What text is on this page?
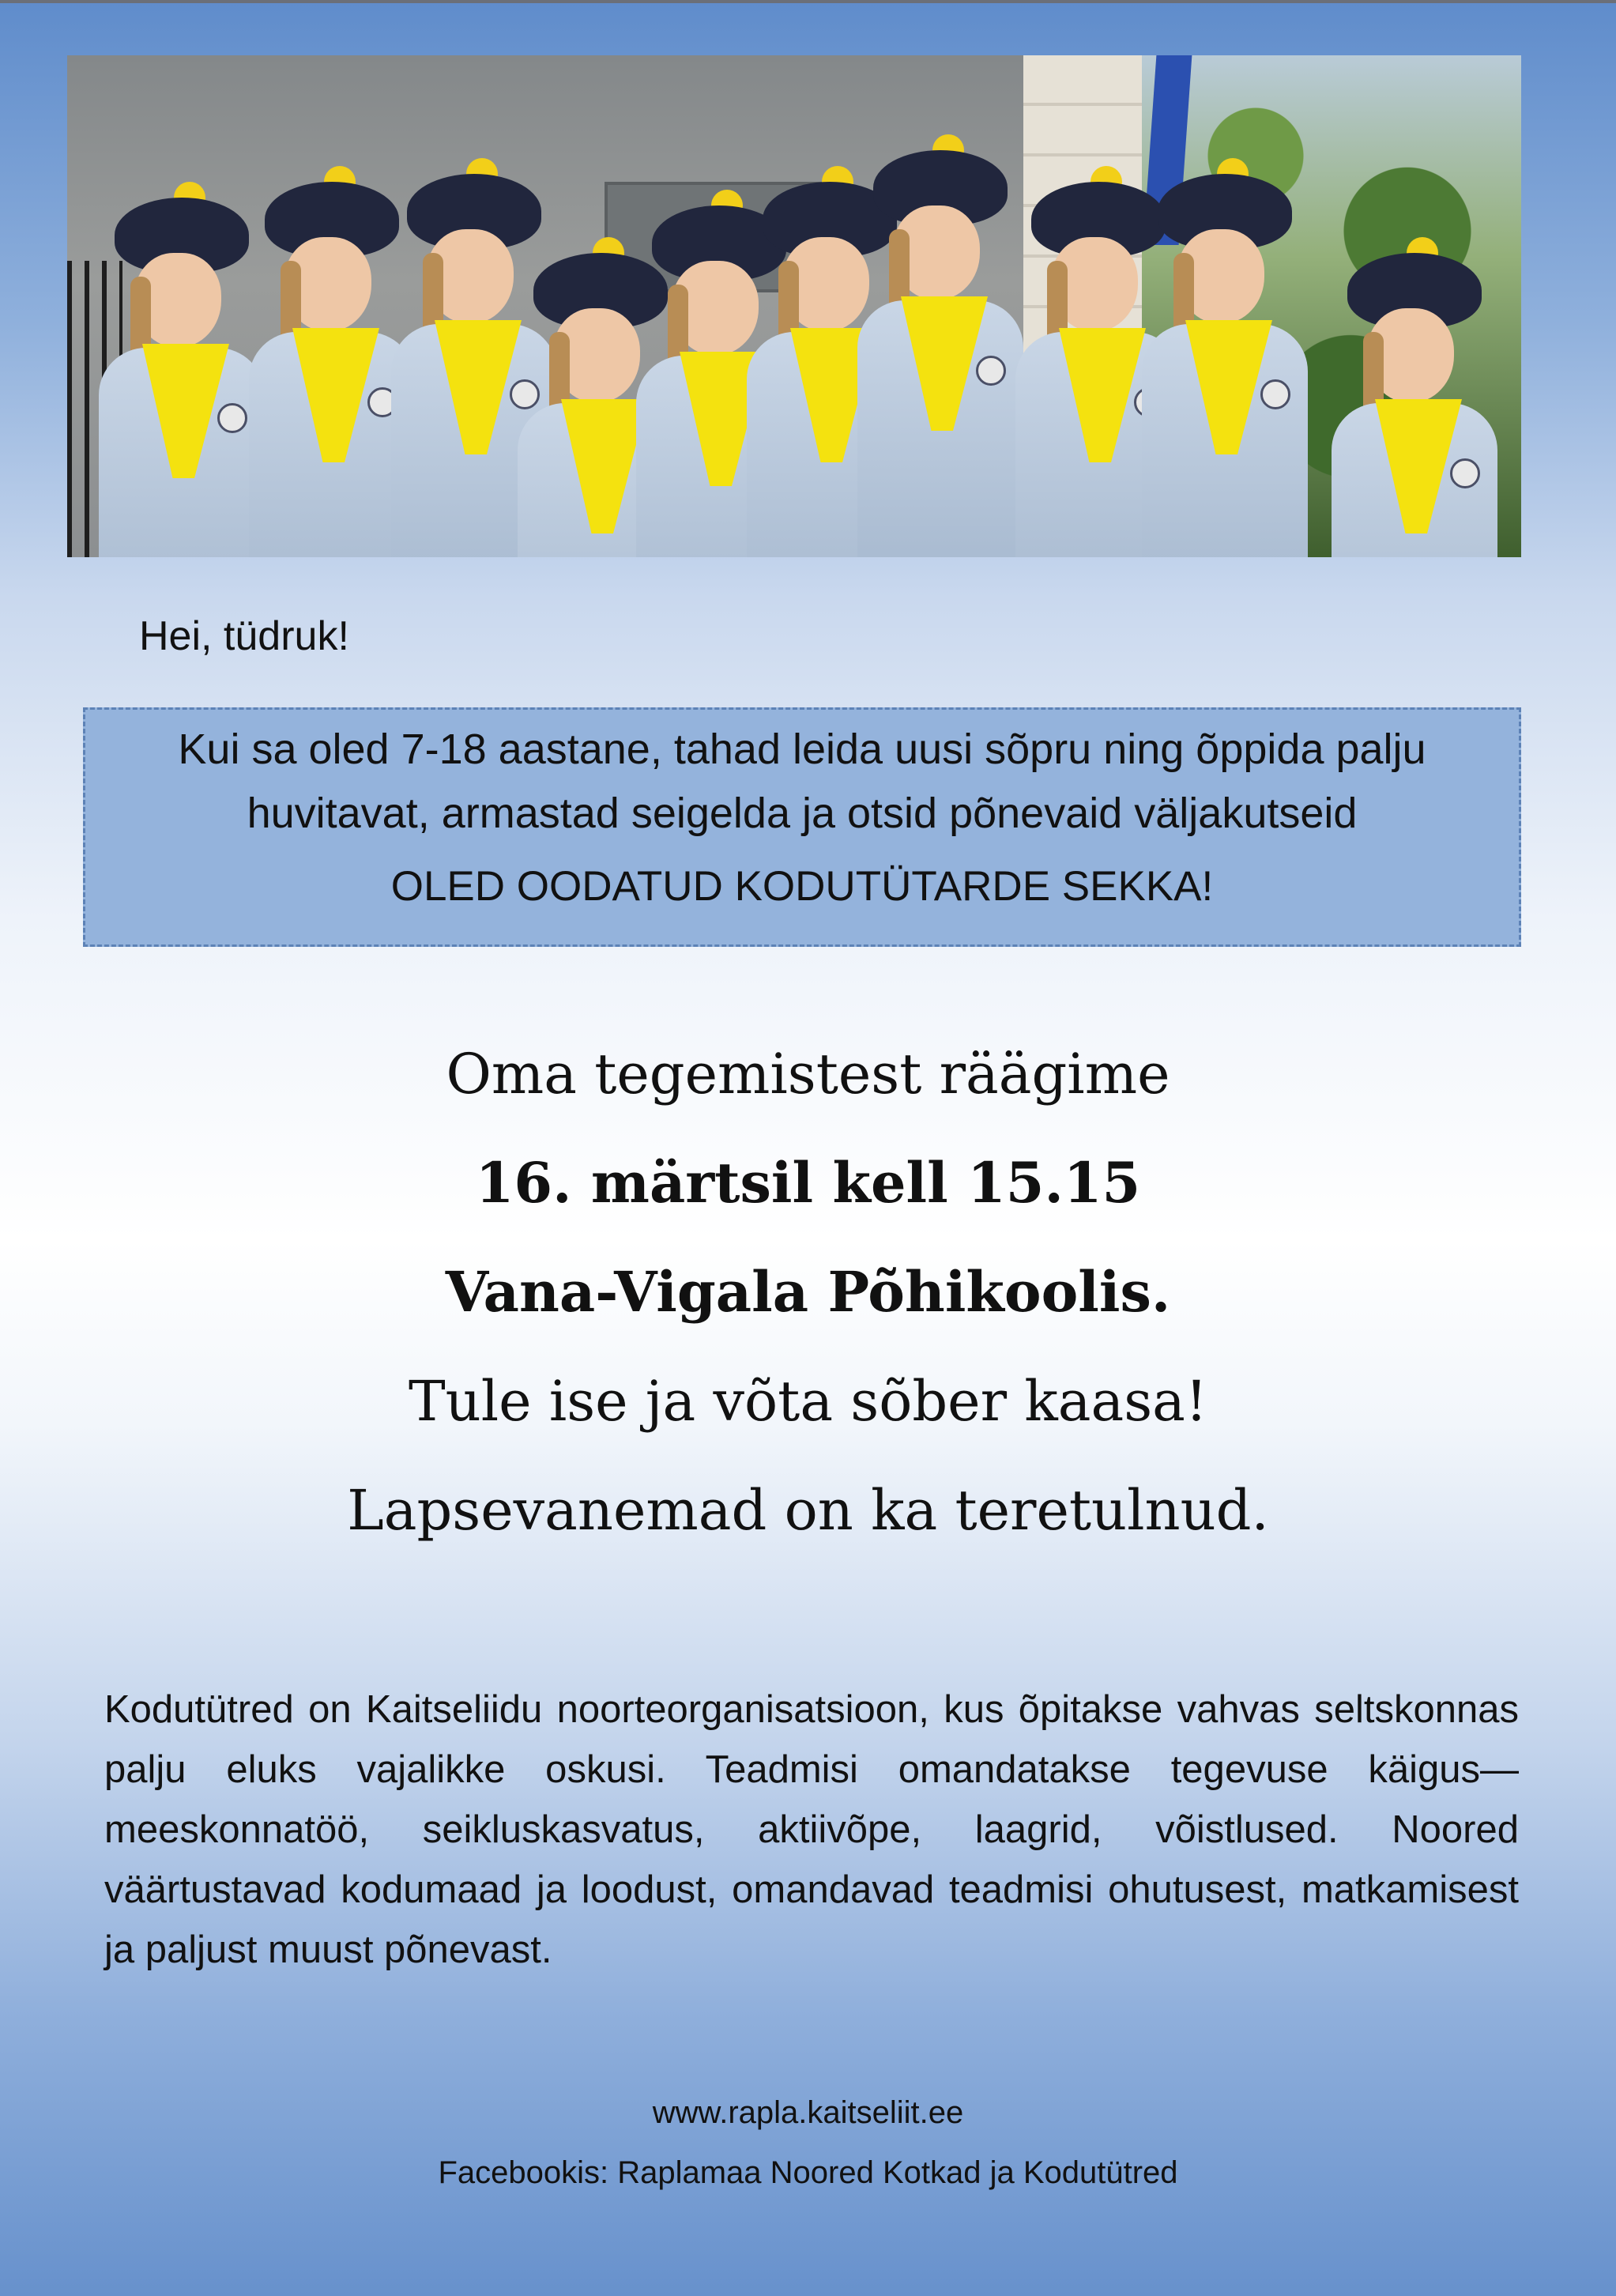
Hei, tüdruk!
Kui sa oled 7-18 aastane, tahad leida uusi sõpru ning õppida palju huvitavat, armastad seigelda ja otsid põnevaid väljakutseid
OLED OODATUD KODUTÜTARDE SEKKA!

Oma tegemistest räägime

16. märtsil kell 15.15

Vana-Vigala Põhikoolis.

Tule ise ja võta sõber kaasa!

Lapsevanemad on ka teretulnud.

Kodutütred on Kaitseliidu noorteorganisatsioon, kus õpitakse vahvas seltskonnas palju eluks vajalikke oskusi. Teadmisi omandatakse tegevuse käigus—meeskonnatöö, seikluskasvatus, aktiivõpe, laagrid, võistlused. Noored väärtustavad kodumaad ja loodust, omandavad teadmisi ohutusest, matkamisest ja paljust muust põnevast.

www.rapla.kaitseliit.ee
Facebookis: Raplamaa Noored Kotkad ja Kodutütred
